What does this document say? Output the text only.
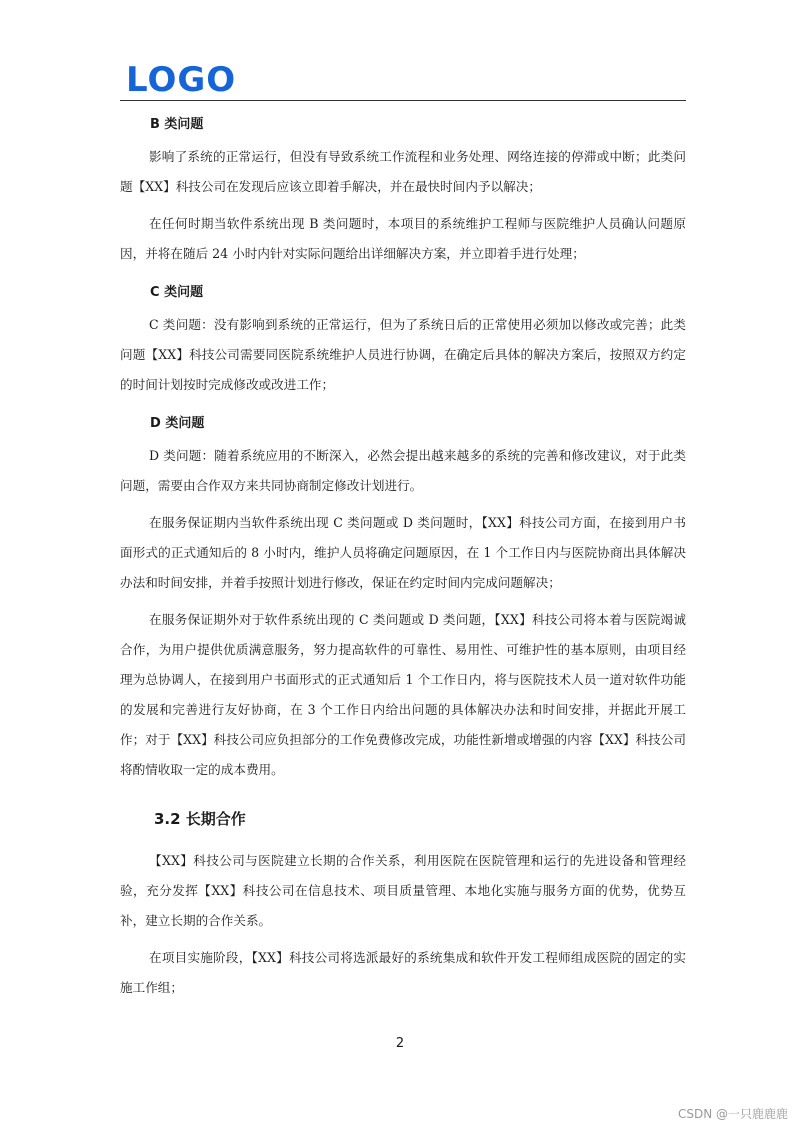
LOGO
B 类问题

影响了系统的正常运行，但没有导致系统工作流程和业务处理、网络连接的停滞或中断；此类问题【XX】科技公司在发现后应该立即着手解决，并在最快时间内予以解决；

在任何时期当软件系统出现 B 类问题时，本项目的系统维护工程师与医院维护人员确认问题原因，并将在随后 24 小时内针对实际问题给出详细解决方案，并立即着手进行处理；

C 类问题

C 类问题：没有影响到系统的正常运行，但为了系统日后的正常使用必须加以修改或完善；此类问题【XX】科技公司需要同医院系统维护人员进行协调，在确定后具体的解决方案后，按照双方约定的时间计划按时完成修改或改进工作；

D 类问题

D 类问题：随着系统应用的不断深入，必然会提出越来越多的系统的完善和修改建议，对于此类问题，需要由合作双方来共同协商制定修改计划进行。

在服务保证期内当软件系统出现 C 类问题或 D 类问题时，【XX】科技公司方面，在接到用户书面形式的正式通知后的 8 小时内，维护人员将确定问题原因，在 1 个工作日内与医院协商出具体解决办法和时间安排，并着手按照计划进行修改，保证在约定时间内完成问题解决；

在服务保证期外对于软件系统出现的 C 类问题或 D 类问题，【XX】科技公司将本着与医院竭诚合作，为用户提供优质满意服务，努力提高软件的可靠性、易用性、可维护性的基本原则，由项目经理为总协调人，在接到用户书面形式的正式通知后 1 个工作日内，将与医院技术人员一道对软件功能的发展和完善进行友好协商，在 3 个工作日内给出问题的具体解决办法和时间安排，并据此开展工作；对于【XX】科技公司应负担部分的工作免费修改完成，功能性新增或增强的内容【XX】科技公司将酌情收取一定的成本费用。

3.2 长期合作

【XX】科技公司与医院建立长期的合作关系，利用医院在医院管理和运行的先进设备和管理经验，充分发挥【XX】科技公司在信息技术、项目质量管理、本地化实施与服务方面的优势，优势互补，建立长期的合作关系。

在项目实施阶段，【XX】科技公司将选派最好的系统集成和软件开发工程师组成医院的固定的实施工作组；

2
CSDN @一只鹿鹿鹿
